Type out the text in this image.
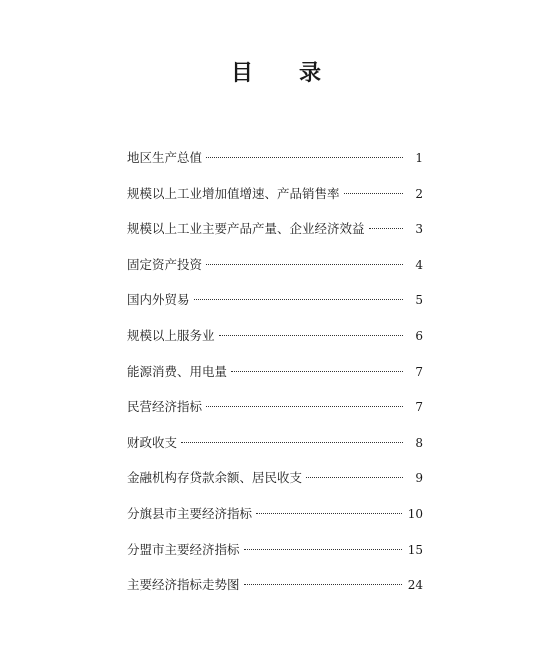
目 录
地区生产总值	1
规模以上工业增加值增速、产品销售率	2
规模以上工业主要产品产量、企业经济效益	3
固定资产投资	4
国内外贸易	5
规模以上服务业	6
能源消费、用电量	7
民营经济指标	7
财政收支	8
金融机构存贷款余额、居民收支	9
分旗县市主要经济指标	10
分盟市主要经济指标	15
主要经济指标走势图	24
